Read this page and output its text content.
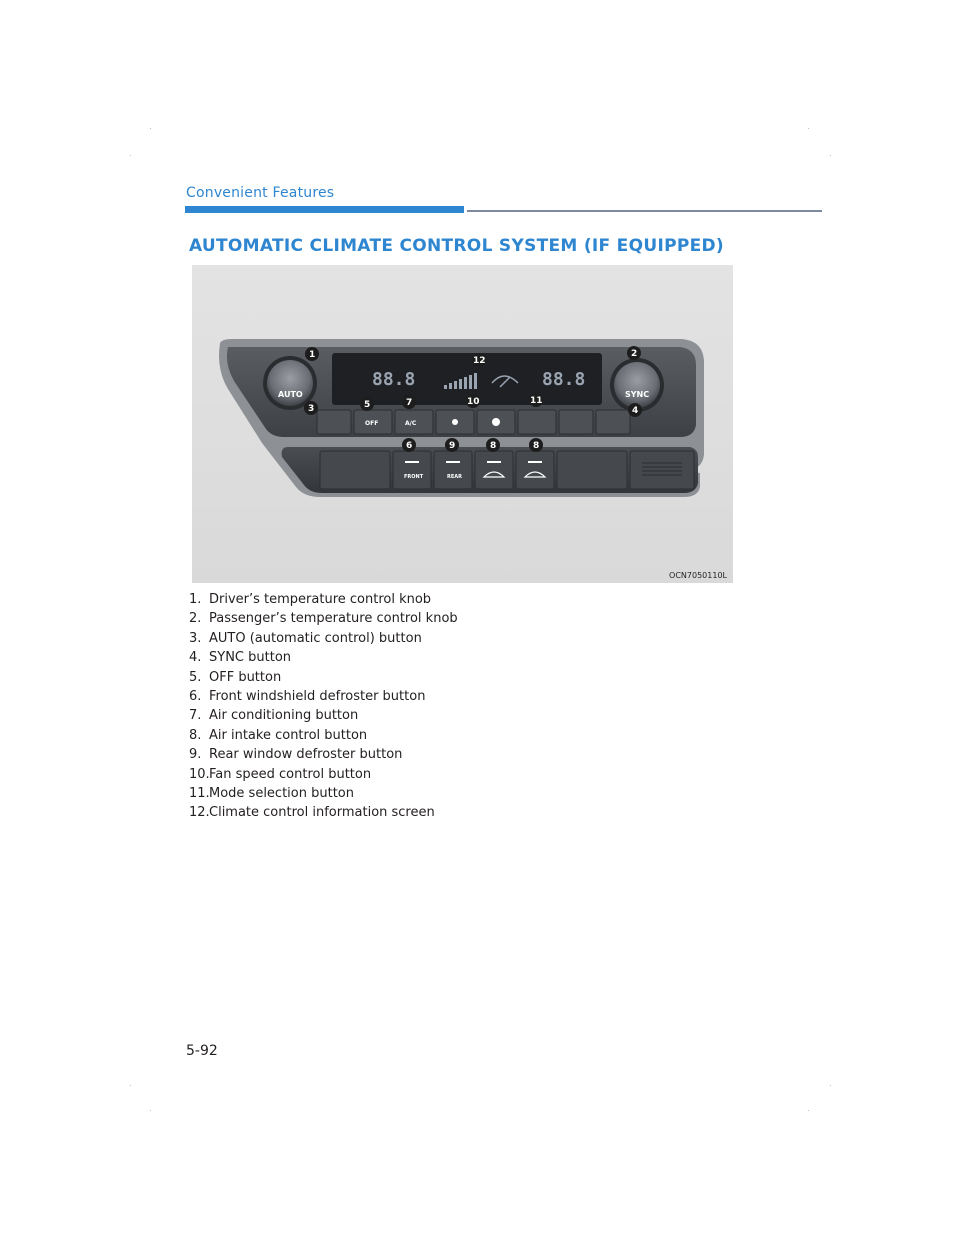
Convenient Features
AUTOMATIC CLIMATE CONTROL SYSTEM (IF EQUIPPED)
88.8	88.8
AUTO	SYNC
OFF	A/C
FRONT	REAR
1	2
3	4
5	7	10	11
12
6	9	8	8
OCN7050110L
1. Driver’s temperature control knob
2. Passenger’s temperature control knob
3. AUTO (automatic control) button
4. SYNC button
5. OFF button
6. Front windshield defroster button
7. Air conditioning button
8. Air intake control button
9. Rear window defroster button
10.Fan speed control button
11.Mode selection button
12.Climate control information screen
5-92
